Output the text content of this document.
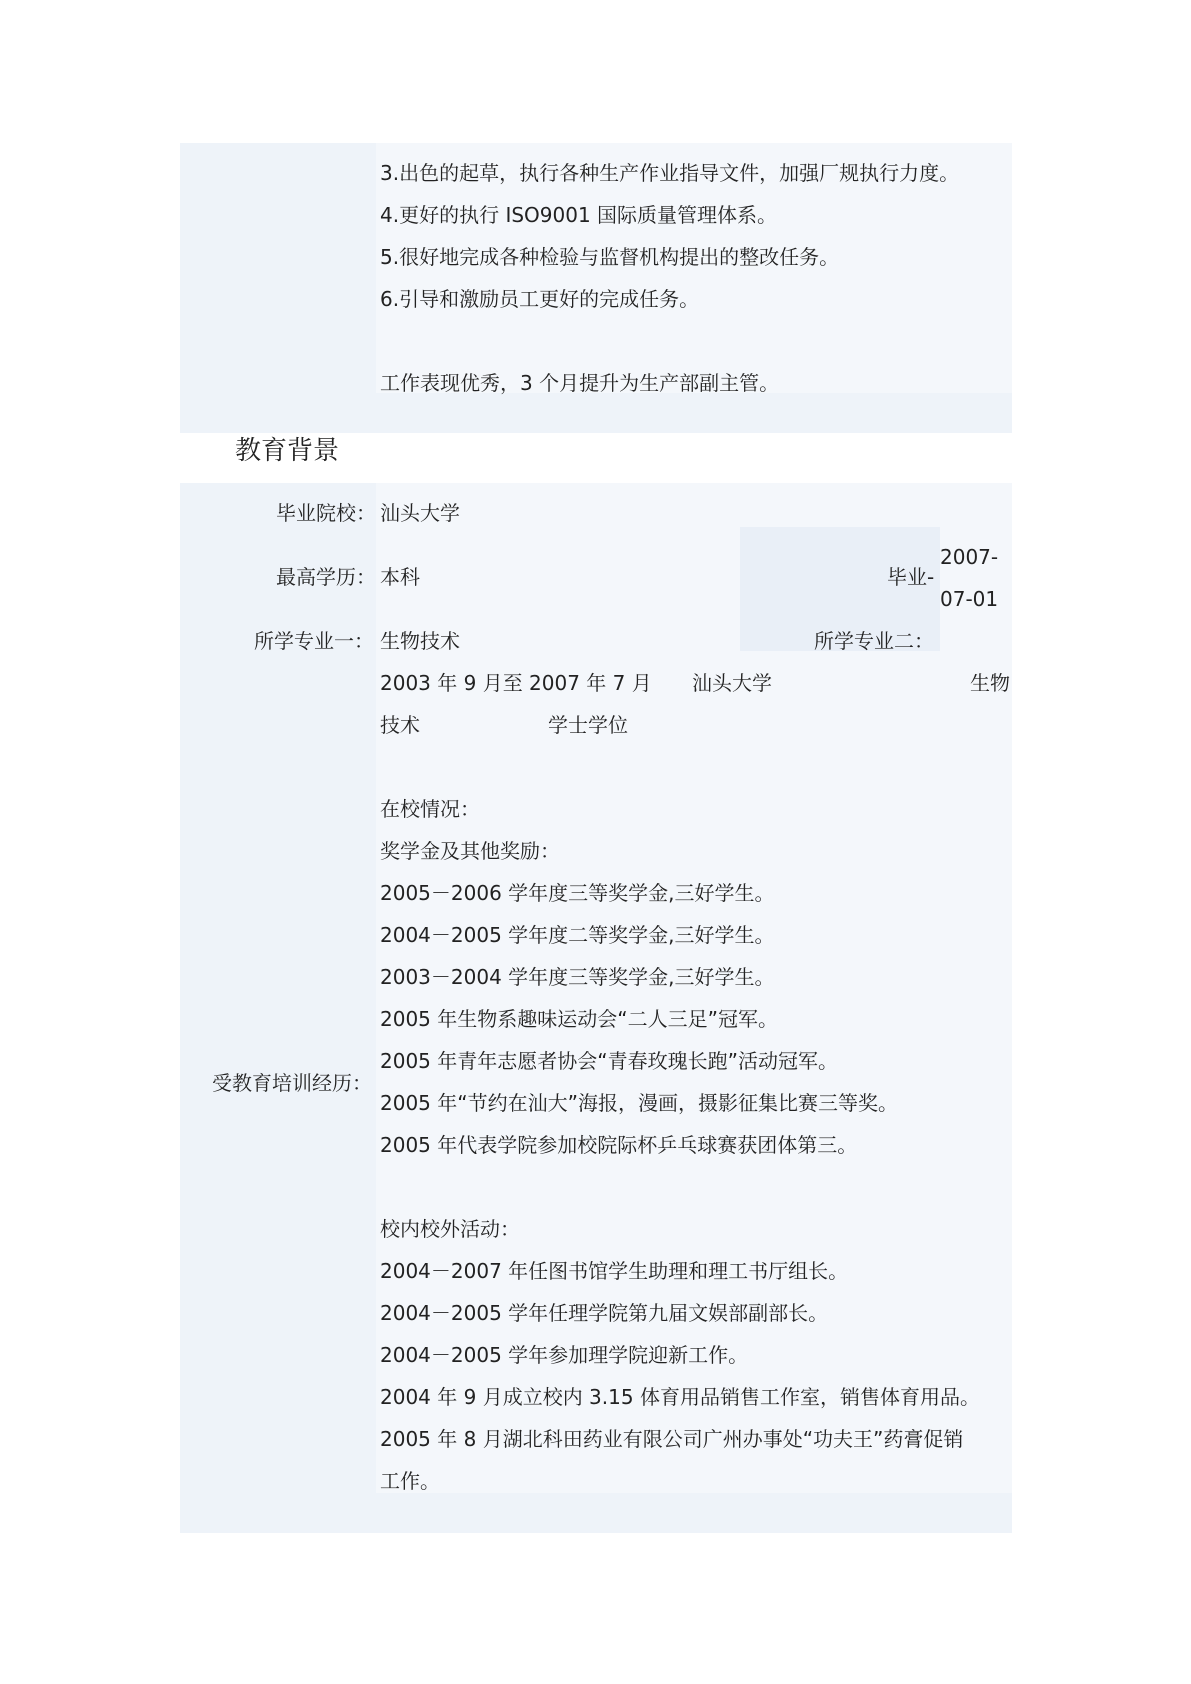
3.出色的起草，执行各种生产作业指导文件，加强厂规执行力度。
4.更好的执行 ISO9001 国际质量管理体系。
5.很好地完成各种检验与监督机构提出的整改任务。
6.引导和激励员工更好的完成任务。
工作表现优秀，3 个月提升为生产部副主管。
教育背景
毕业院校： 汕头大学
最高学历： 本科	毕业-
2007-
07-01
所学专业一： 生物技术	所学专业二：
受教育培训经历：
2003 年 9 月至 2007 年 7 月 汕头大学	生物
技术	学士学位
在校情况：
奖学金及其他奖励：
2005－2006 学年度三等奖学金,三好学生。
2004－2005 学年度二等奖学金,三好学生。
2003－2004 学年度三等奖学金,三好学生。
2005 年生物系趣味运动会“二人三足”冠军。
2005 年青年志愿者协会“青春玫瑰长跑”活动冠军。
2005 年“节约在汕大”海报，漫画，摄影征集比赛三等奖。
2005 年代表学院参加校院际杯乒乓球赛获团体第三。
校内校外活动：
2004－2007 年任图书馆学生助理和理工书厅组长。
2004－2005 学年任理学院第九届文娱部副部长。
2004－2005 学年参加理学院迎新工作。
2004 年 9 月成立校内 3.15 体育用品销售工作室，销售体育用品。
2005 年 8 月湖北科田药业有限公司广州办事处“功夫王”药膏促销
工作。
